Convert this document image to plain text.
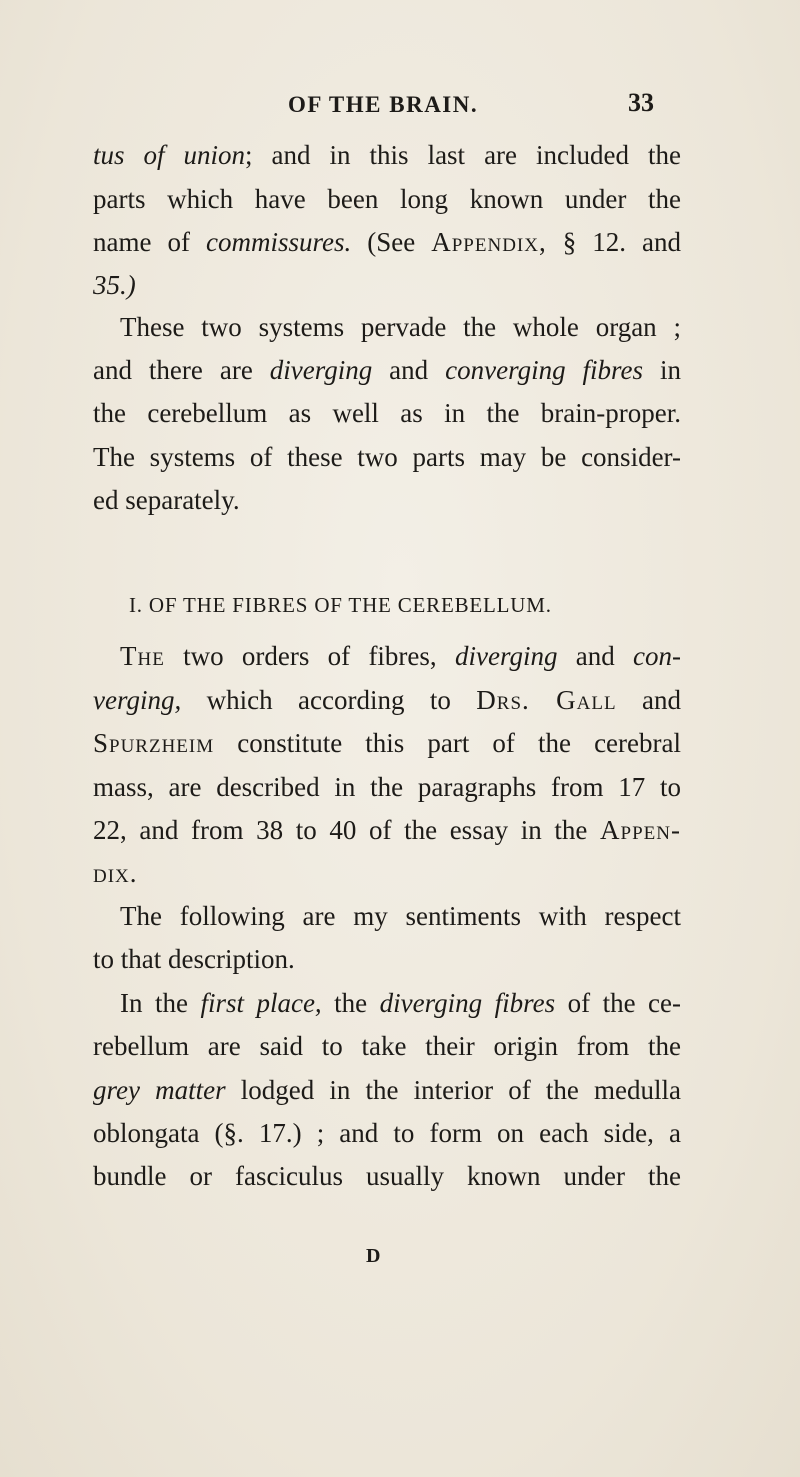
OF THE BRAIN.	33
tus of union; and in this last are included the
parts which have been long known under the
name of commissures. (See Appendix, § 12. and
35.)
These two systems pervade the whole organ ;
and there are diverging and converging fibres in
the cerebellum as well as in the brain-proper.
The systems of these two parts may be consider-
ed separately.
I. OF THE FIBRES OF THE CEREBELLUM.
The two orders of fibres, diverging and con-
verging, which according to Drs. Gall and
Spurzheim constitute this part of the cerebral
mass, are described in the paragraphs from 17 to
22, and from 38 to 40 of the essay in the Appen-
dix.
The following are my sentiments with respect
to that description.
In the first place, the diverging fibres of the ce-
rebellum are said to take their origin from the
grey matter lodged in the interior of the medulla
oblongata (§. 17.) ; and to form on each side, a
bundle or fasciculus usually known under the
D
